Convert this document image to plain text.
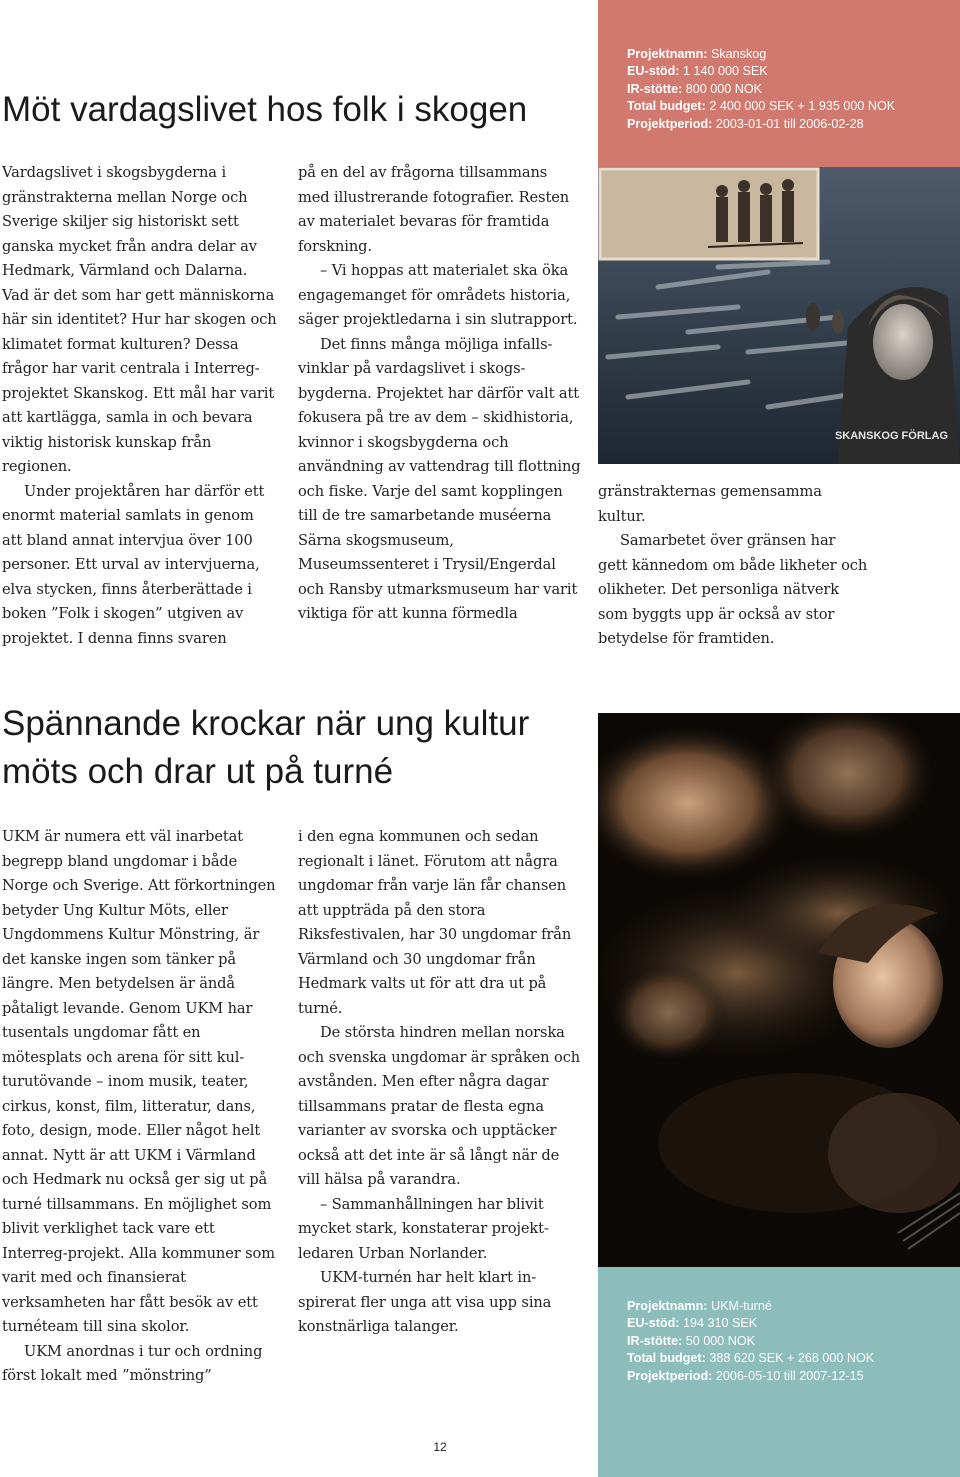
Projektnamn: Skanskog
EU-stöd: 1 140 000 SEK
IR-stötte: 800 000 NOK
Total budget: 2 400 000 SEK + 1 935 000 NOK
Projektperiod: 2003-01-01 till 2006-02-28
Möt vardagslivet hos folk i skogen

Vardagslivet i skogsbygderna i gränstrakterna mellan Norge och Sverige skiljer sig historiskt sett ganska mycket från andra delar av Hedmark, Värmland och Dalarna. Vad är det som har gett människorna här sin identitet? Hur har skogen och klimatet format kulturen? Dessa frågor har varit centrala i Interreg-projektet Skanskog. Ett mål har varit att kartlägga, samla in och bevara viktig historisk kunskap från regionen.

Under projektåren har därför ett enormt material samlats in genom att bland annat intervjua över 100 personer. Ett urval av intervjuerna, elva stycken, finns återberättade i boken ”Folk i skogen” utgiven av projektet. I denna finns svaren

på en del av frågorna tillsammans med illustrerande fotografier. Resten av materialet bevaras för framtida forskning.

– Vi hoppas att materialet ska öka engagemanget för områdets historia, säger projektledarna i sin slutrapport.

Det finns många möjliga infallsvinklar på vardagslivet i skogsbygderna. Projektet har därför valt att fokusera på tre av dem – skidhistoria, kvinnor i skogsbygderna och användning av vattendrag till flottning och fiske. Varje del samt kopplingen till de tre samarbetande muséerna Särna skogsmuseum, Museumssenteret i Trysil/Engerdal och Ransby utmarksmuseum har varit viktiga för att kunna förmedla

SKANSKOG FÖRLAG

gränstrakternas gemensamma kultur.

Samarbetet över gränsen har gett kännedom om både likheter och olikheter. Det personliga nätverk som byggts upp är också av stor betydelse för framtiden.

Spännande krockar när ung kultur
möts och drar ut på turné

UKM är numera ett väl inarbetat begrepp bland ungdomar i både Norge och Sverige. Att förkortningen betyder Ung Kultur Möts, eller Ungdommens Kultur Mönstring, är det kanske ingen som tänker på längre. Men betydelsen är ändå påtaligt levande. Genom UKM har tusentals ungdomar fått en mötesplats och arena för sitt kulturutövande – inom musik, teater, cirkus, konst, film, litteratur, dans, foto, design, mode. Eller något helt annat. Nytt är att UKM i Värmland och Hedmark nu också ger sig ut på turné tillsammans. En möjlighet som blivit verklighet tack vare ett Interreg-projekt. Alla kommuner som varit med och finansierat verksamheten har fått besök av ett turnéteam till sina skolor.

UKM anordnas i tur och ordning först lokalt med ”mönstring”

i den egna kommunen och sedan regionalt i länet. Förutom att några ungdomar från varje län får chansen att uppträda på den stora Riksfestivalen, har 30 ungdomar från Värmland och 30 ungdomar från Hedmark valts ut för att dra ut på turné.

De största hindren mellan norska och svenska ungdomar är språken och avstånden. Men efter några dagar tillsammans pratar de flesta egna varianter av svorska och upptäcker också att det inte är så långt när de vill hälsa på varandra.

– Sammanhållningen har blivit mycket stark, konstaterar projektledaren Urban Norlander.

UKM-turnén har helt klart inspirerat fler unga att visa upp sina konstnärliga talanger.

Projektnamn: UKM-turné
EU-stöd: 194 310 SEK
IR-stötte: 50 000 NOK
Total budget: 388 620 SEK + 268 000 NOK
Projektperiod: 2006-05-10 till 2007-12-15
12
